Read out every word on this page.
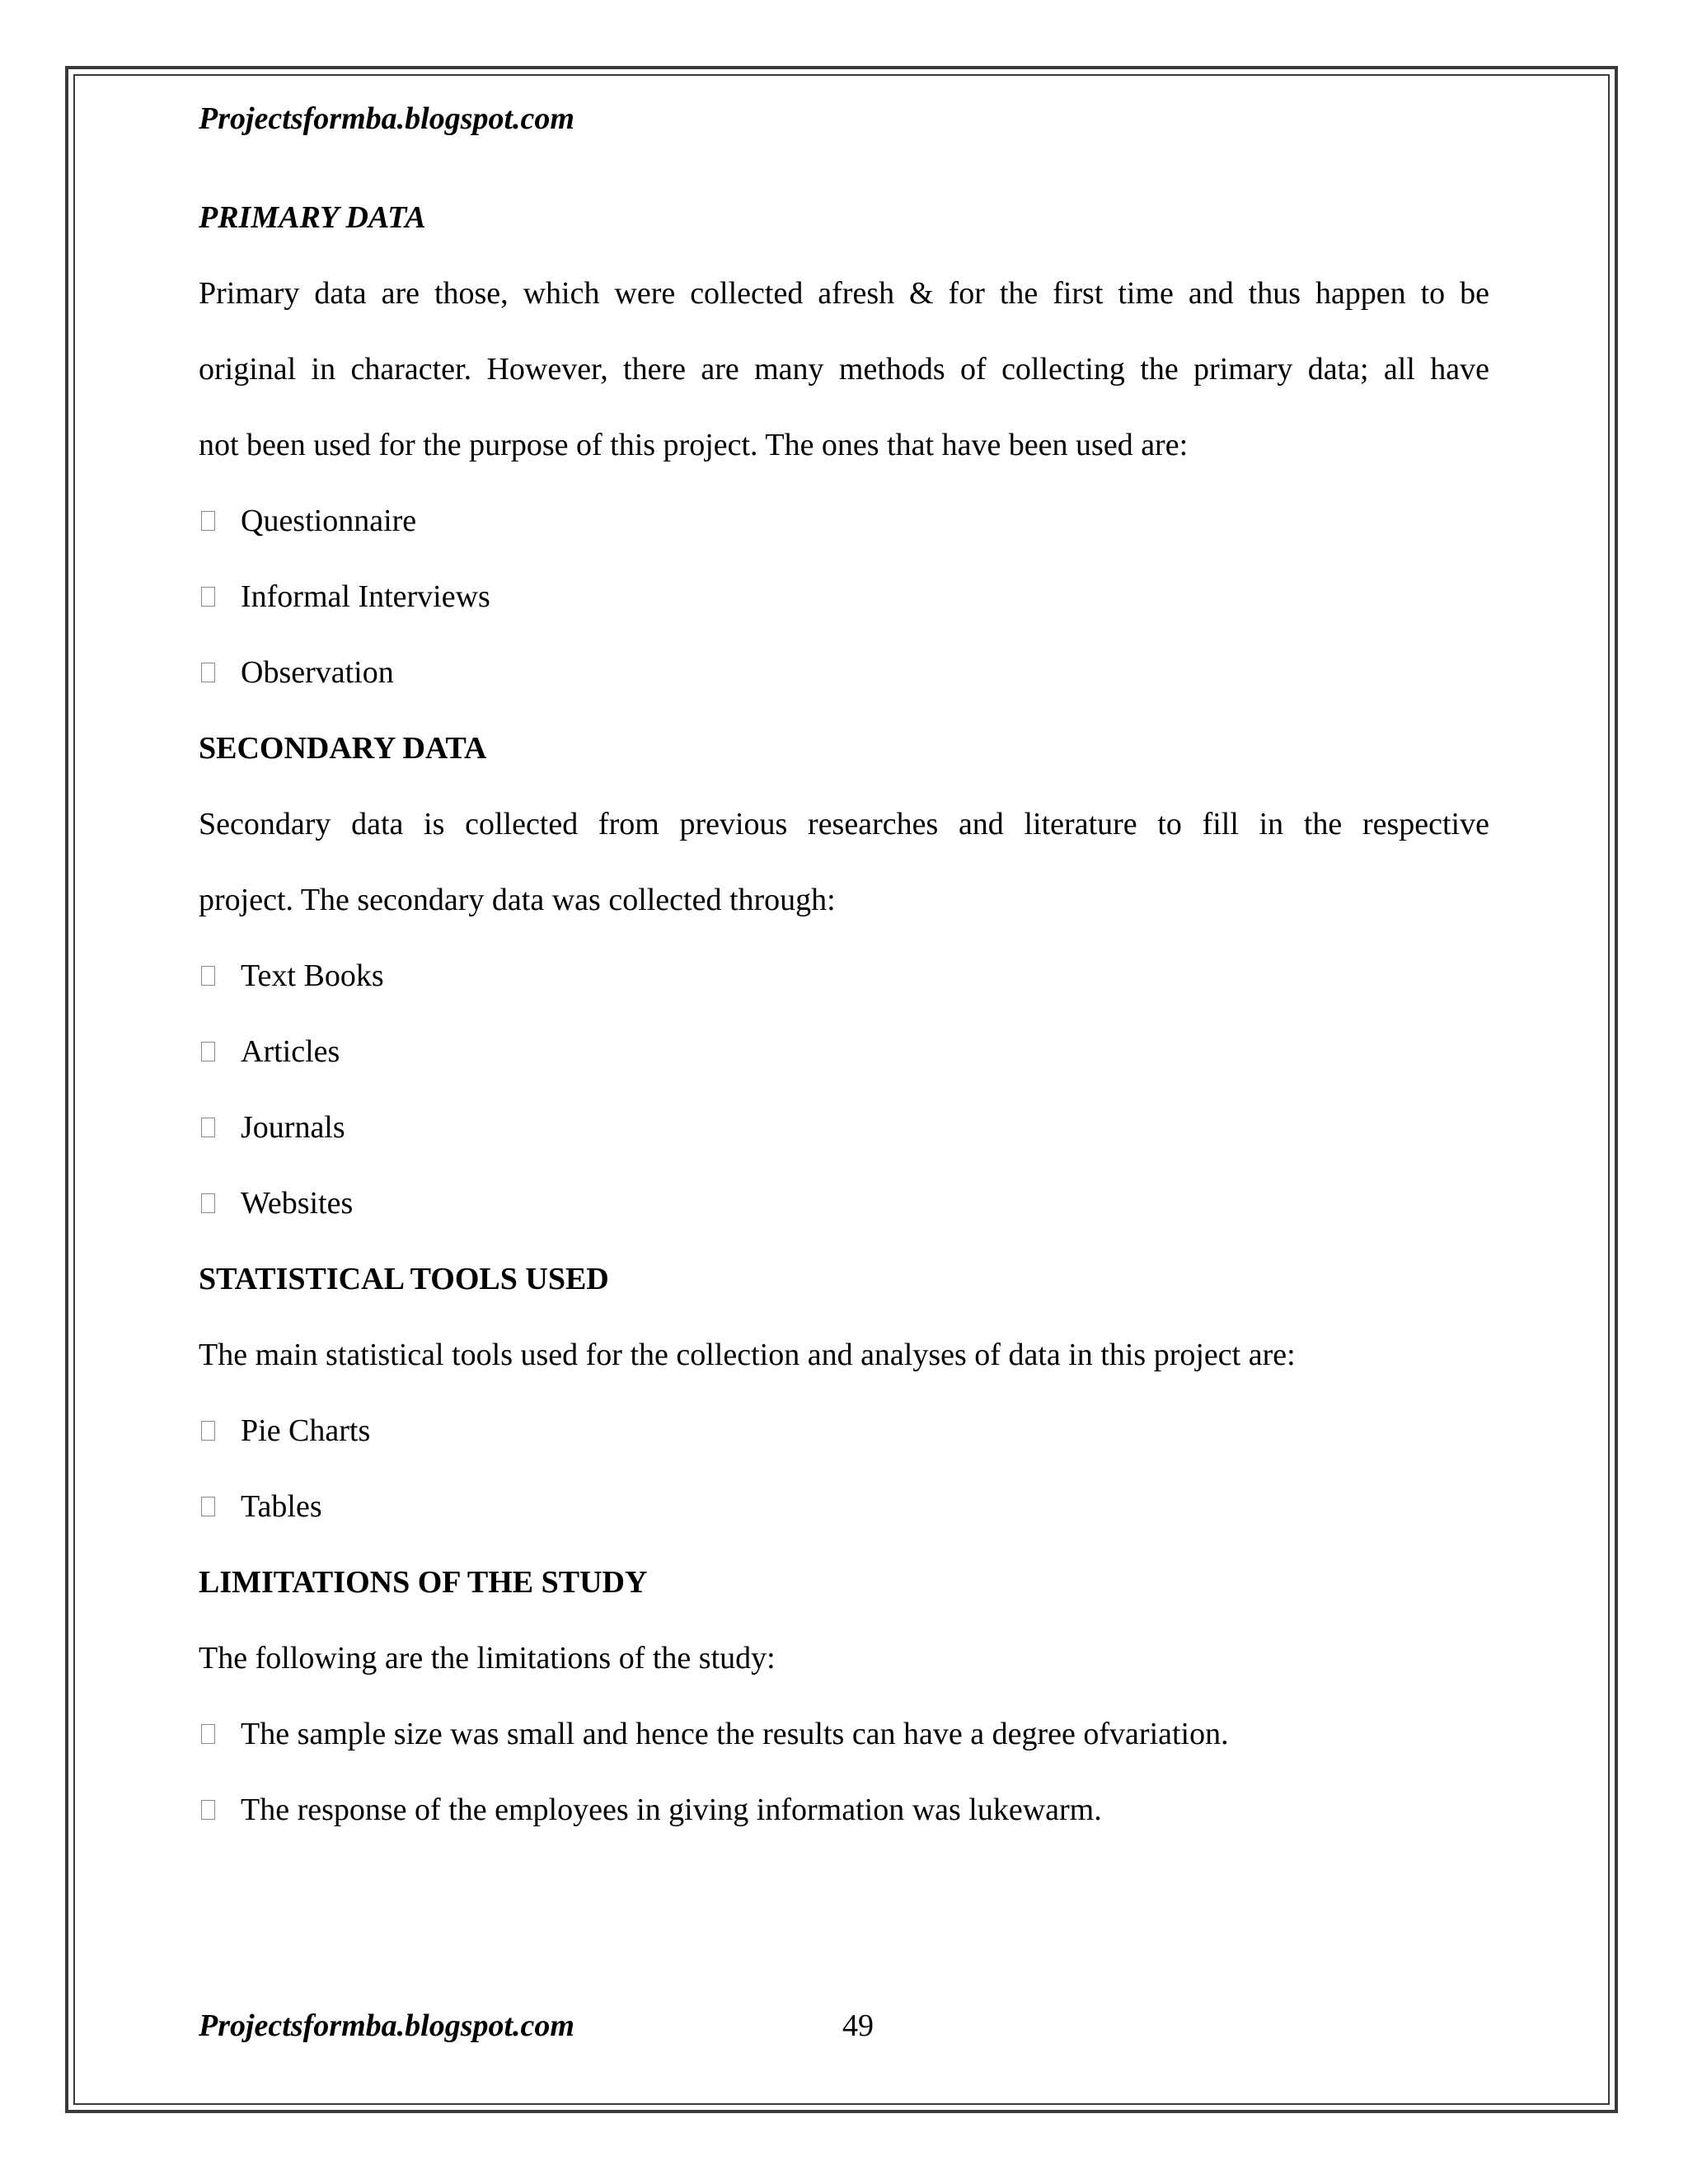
Projectsformba.blogspot.com
PRIMARY DATA
Primary data are those, which were collected afresh & for the first time and thus happen to be
original in character. However, there are many methods of collecting the primary data; all have
not been used for the purpose of this project. The ones that have been used are:
Questionnaire
Informal Interviews
Observation
SECONDARY DATA
Secondary data is collected from previous researches and literature to fill in the respective
project. The secondary data was collected through:
Text Books
Articles
Journals
Websites
STATISTICAL TOOLS USED
The main statistical tools used for the collection and analyses of data in this project are:
Pie Charts
Tables
LIMITATIONS OF THE STUDY
The following are the limitations of the study:
The sample size was small and hence the results can have a degree ofvariation.
The response of the employees in giving information was lukewarm.
Projectsformba.blogspot.com	49
